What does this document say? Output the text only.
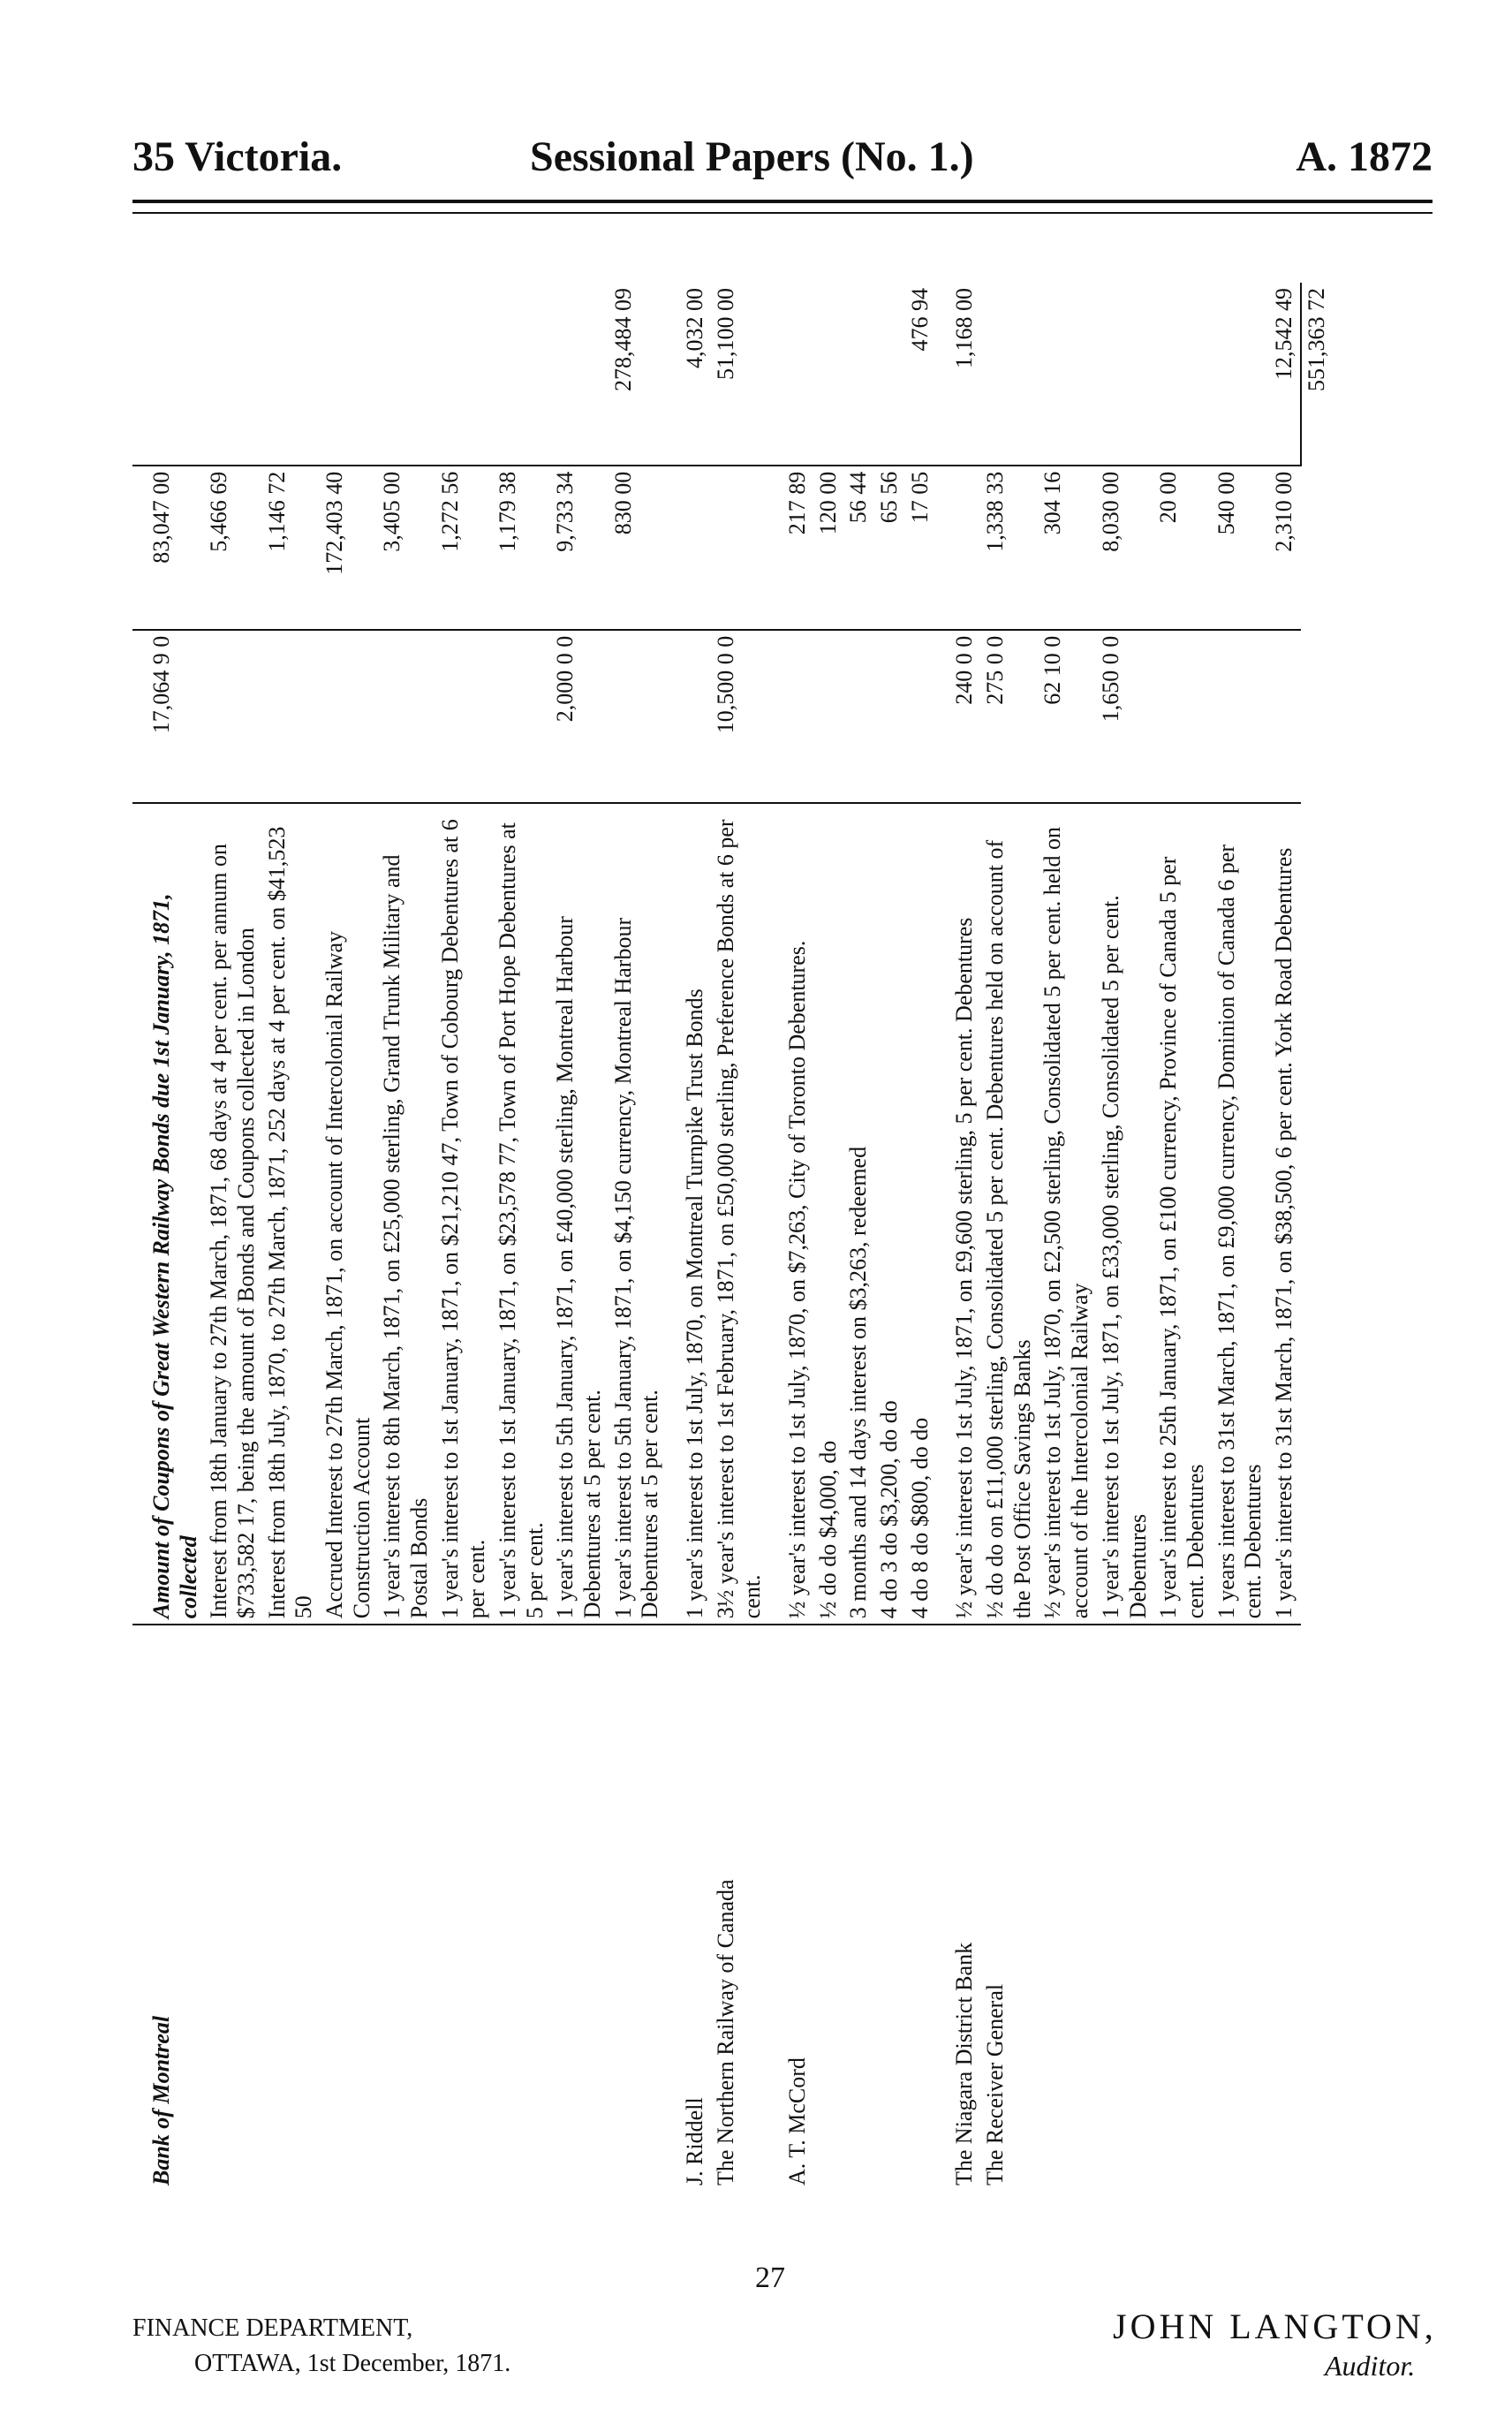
35 Victoria.	Sessional Papers (No. 1.)	A. 1872
Bank of Montreal	Amount of Coupons of Great Western Railway Bonds due 1st January, 1871, collected	17,064 9 0	83,047 00	
	Interest from 18th January to 27th March, 1871, 68 days at 4 per cent. per annum on $733,582 17, being the amount of Bonds and Coupons collected in London		5,466 69	
	Interest from 18th July, 1870, to 27th March, 1871, 252 days at 4 per cent. on $41,523 50		1,146 72	
	Accrued Interest to 27th March, 1871, on account of Intercolonial Railway Construction Account		172,403 40	
	1 year's interest to 8th March, 1871, on £25,000 sterling, Grand Trunk Military and Postal Bonds		3,405 00	
	1 year's interest to 1st January, 1871, on $21,210 47, Town of Cobourg Debentures at 6 per cent.		1,272 56	
	1 year's interest to 1st January, 1871, on $23,578 77, Town of Port Hope Debentures at 5 per cent.		1,179 38	
	1 year's interest to 5th January, 1871, on £40,000 sterling, Montreal Harbour Debentures at 5 per cent.	2,000 0 0	9,733 34	
	1 year's interest to 5th January, 1871, on $4,150 currency, Montreal Harbour Debentures at 5 per cent.		830 00	278,484 09
J. Riddell	1 year's interest to 1st July, 1870, on Montreal Turnpike Trust Bonds			4,032 00
The Northern Railway of Canada	3½ year's interest to 1st February, 1871, on £50,000 sterling, Preference Bonds at 6 per cent.	10,500 0 0		51,100 00
A. T. McCord	½ year's interest to 1st July, 1870, on $7,263, City of Toronto Debentures.		217 89	
	½ do do $4,000, do		120 00	
	3 months and 14 days interest on $3,263, redeemed		56 44	
	4 do 3 do $3,200, do do		65 56	
	4 do 8 do $800, do do		17 05	476 94
The Niagara District Bank	½ year's interest to 1st July, 1871, on £9,600 sterling, 5 per cent. Debentures	240 0 0		1,168 00
The Receiver General	½ do do on £11,000 sterling, Consolidated 5 per cent. Debentures held on account of the Post Office Savings Banks	275 0 0	1,338 33	
	½ year's interest to 1st July, 1870, on £2,500 sterling, Consolidated 5 per cent. held on account of the Intercolonial Railway	62 10 0	304 16	
	1 year's interest to 1st July, 1871, on £33,000 sterling, Consolidated 5 per cent. Debentures	1,650 0 0	8,030 00	
	1 year's interest to 25th January, 1871, on £100 currency, Province of Canada 5 per cent. Debentures		20 00	
	1 years interest to 31st March, 1871, on £9,000 currency, Dominion of Canada 6 per cent. Debentures		540 00	
	1 year's interest to 31st March, 1871, on $38,500, 6 per cent. York Road Debentures		2,310 00	12,542 49
				551,363 72
27
FINANCE DEPARTMENT,
OTTAWA, 1st December, 1871.
JOHN LANGTON,
Auditor.
